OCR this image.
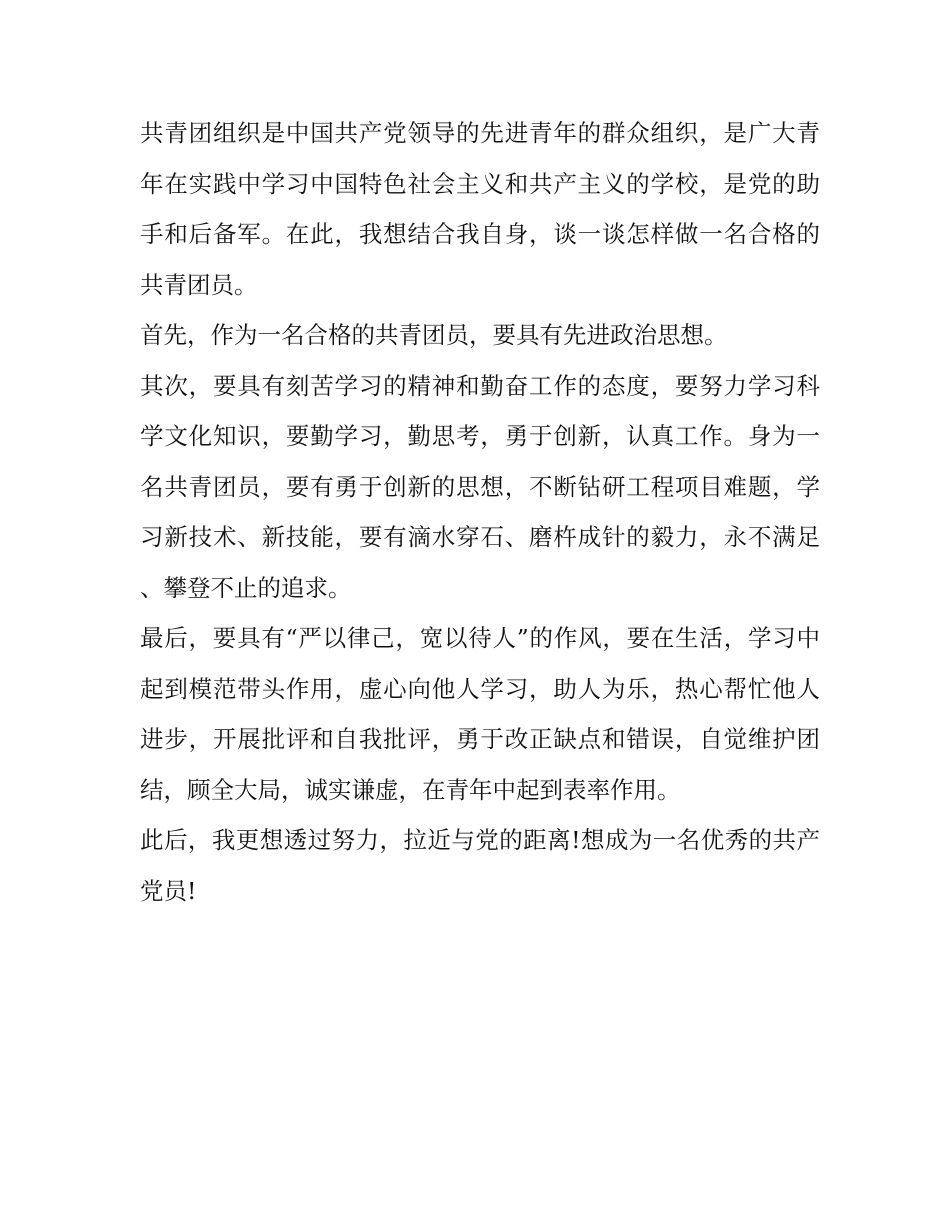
共青团组织是中国共产党领导的先进青年的群众组织，是广大青年在实践中学习中国特色社会主义和共产主义的学校，是党的助手和后备军。在此，我想结合我自身，谈一谈怎样做一名合格的共青团员。

首先，作为一名合格的共青团员，要具有先进政治思想。

其次，要具有刻苦学习的精神和勤奋工作的态度，要努力学习科学文化知识，要勤学习，勤思考，勇于创新，认真工作。身为一名共青团员，要有勇于创新的思想，不断钻研工程项目难题，学习新技术、新技能，要有滴水穿石、磨杵成针的毅力，永不满足、攀登不止的追求。

最后，要具有“严以律己，宽以待人”的作风，要在生活，学习中起到模范带头作用，虚心向他人学习，助人为乐，热心帮忙他人进步，开展批评和自我批评，勇于改正缺点和错误，自觉维护团结，顾全大局，诚实谦虚，在青年中起到表率作用。

此后，我更想透过努力，拉近与党的距离!想成为一名优秀的共产党员!
